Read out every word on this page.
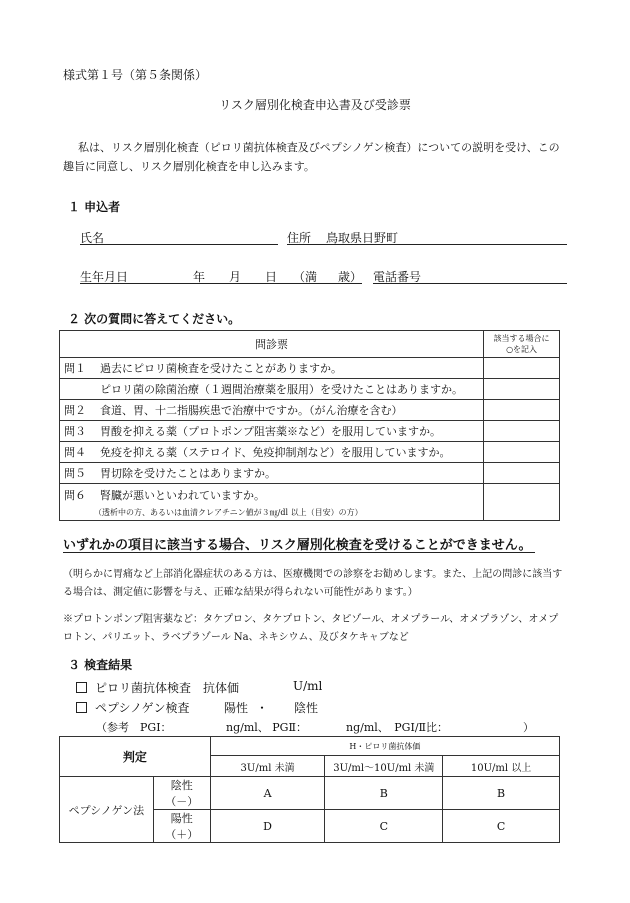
様式第１号（第５条関係）
リスク層別化検査申込書及び受診票
私は、リスク層別化検査（ピロリ菌抗体検査及びペプシノゲン検査）についての説明を受け、この
趣旨に同意し、リスク層別化検査を申し込みます。
１ 申込者
氏名	住所 鳥取県日野町
生年月日	年 月 日 （満 歳） 電話番号
２ 次の質問に答えてください。
問診票	該当する場合に
○を記入

問１ 過去にピロリ菌検査を受けたことがありますか。	
ピロリ菌の除菌治療（１週間治療薬を服用）を受けたことはありますか。	
問２ 食道、胃、十二指腸疾患で治療中ですか。（がん治療を含む）	
問３ 胃酸を抑える薬（プロトポンプ阻害薬※など）を服用していますか。	
問４ 免疫を抑える薬（ステロイド、免疫抑制剤など）を服用していますか。	
問５ 胃切除を受けたことはありますか。	

問６ 腎臓が悪いといわれていますか。
（透析中の方、あるいは血清クレアチニン値が３㎎/dl 以上（目安）の方）	

いずれかの項目に該当する場合、リスク層別化検査を受けることができません。
（明らかに胃痛など上部消化器症状のある方は、医療機関での診察をお勧めします。また、上記の問診に該当す
る場合は、測定値に影響を与え、正確な結果が得られない可能性があります。）
※プロトンポンプ阻害薬など：タケプロン、タケプロトン、タピゾール、オメプラール、オメプラゾン、オメプ
ロトン、パリエット、ラベプラゾール Na、ネキシウム、及びタケキャブなど
３ 検査結果
ピロリ菌抗体検査　抗体価	U/ml
ペプシノゲン検査	陽性 ・ 陰性
（参考　PGⅠ：	ng/ml、 PGⅡ：	ng/ml、　PGⅠ/Ⅱ比：	）
判定		H・ピロリ菌抗体価		
		3U/ml 未満	3U/ml～10U/ml 未満	10U/ml 以上
ペプシノゲン法	陰性（－）	A	B	B
	陽性（＋）	D	C	C
